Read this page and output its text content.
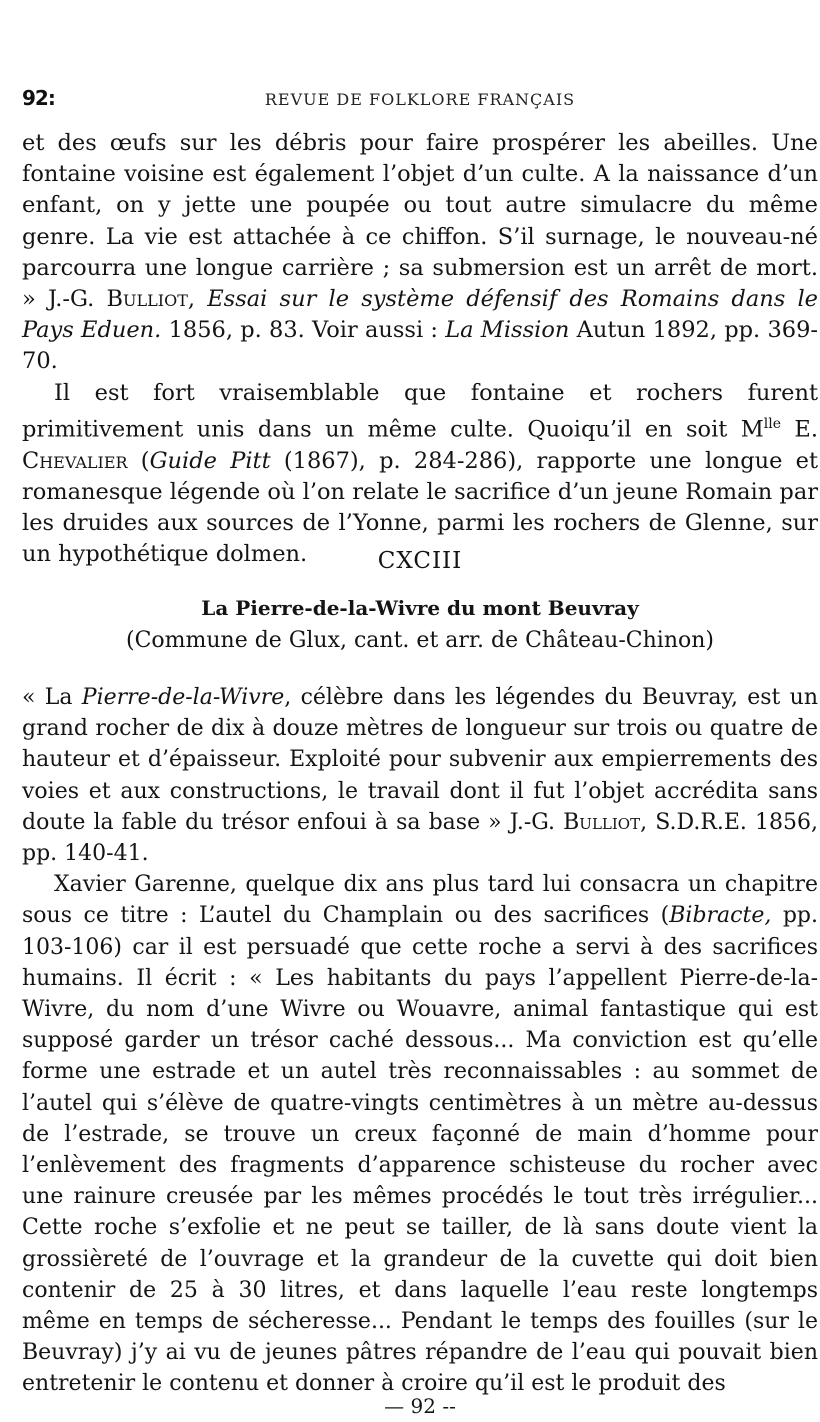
92:	REVUE DE FOLKLORE FRANÇAIS

et des œufs sur les débris pour faire prospérer les abeilles. Une fontaine voisine est également l’objet d’un culte. A la naissance d’un enfant, on y jette une poupée ou tout autre simulacre du même genre. La vie est attachée à ce chiffon. S’il surnage, le nouveau-né parcourra une longue carrière ; sa submersion est un arrêt de mort. » J.-G. Bulliot, Essai sur le système défensif des Romains dans le Pays Eduen. 1856, p. 83. Voir aussi : La Mission Autun 1892, pp. 369-70.

Il est fort vraisemblable que fontaine et rochers furent primitivement unis dans un même culte. Quoiqu’il en soit $M^{lle}$ E. Chevalier (Guide Pitt (1867), p. 284-286), rapporte une longue et romanesque légende où l’on relate le sacrifice d’un jeune Romain par les druides aux sources de l’Yonne, parmi les rochers de Glenne, sur un hypothétique dolmen.	CXCIII
La Pierre-de-la-Wivre du mont Beuvray
(Commune de Glux, cant. et arr. de Château-Chinon)

« La Pierre-de-la-Wivre, célèbre dans les légendes du Beuvray, est un grand rocher de dix à douze mètres de longueur sur trois ou quatre de hauteur et d’épaisseur. Exploité pour subvenir aux empierrements des voies et aux constructions, le travail dont il fut l’objet accrédita sans doute la fable du trésor enfoui à sa base » J.-G. Bulliot, S.D.R.E. 1856, pp. 140-41.

Xavier Garenne, quelque dix ans plus tard lui consacra un chapitre sous ce titre : L’autel du Champlain ou des sacrifices (Bibracte, pp. 103-106) car il est persuadé que cette roche a servi à des sacrifices humains. Il écrit : « Les habitants du pays l’appellent Pierre-de-la-Wivre, du nom d’une Wivre ou Wouavre, animal fantastique qui est supposé garder un trésor caché dessous... Ma conviction est qu’elle forme une estrade et un autel très reconnaissables : au sommet de l’autel qui s’élève de quatre-vingts centimètres à un mètre au-dessus de l’estrade, se trouve un creux façonné de main d’homme pour l’enlèvement des fragments d’apparence schisteuse du rocher avec une rainure creusée par les mêmes procédés le tout très irrégulier... Cette roche s’exfolie et ne peut se tailler, de là sans doute vient la grossièreté de l’ouvrage et la grandeur de la cuvette qui doit bien contenir de 25 à 30 litres, et dans laquelle l’eau reste longtemps même en temps de sécheresse... Pendant le temps des fouilles (sur le Beuvray) j’y ai vu de jeunes pâtres répandre de l’eau qui pouvait bien entretenir le contenu et donner à croire qu’il est le produit des

— 92 --
